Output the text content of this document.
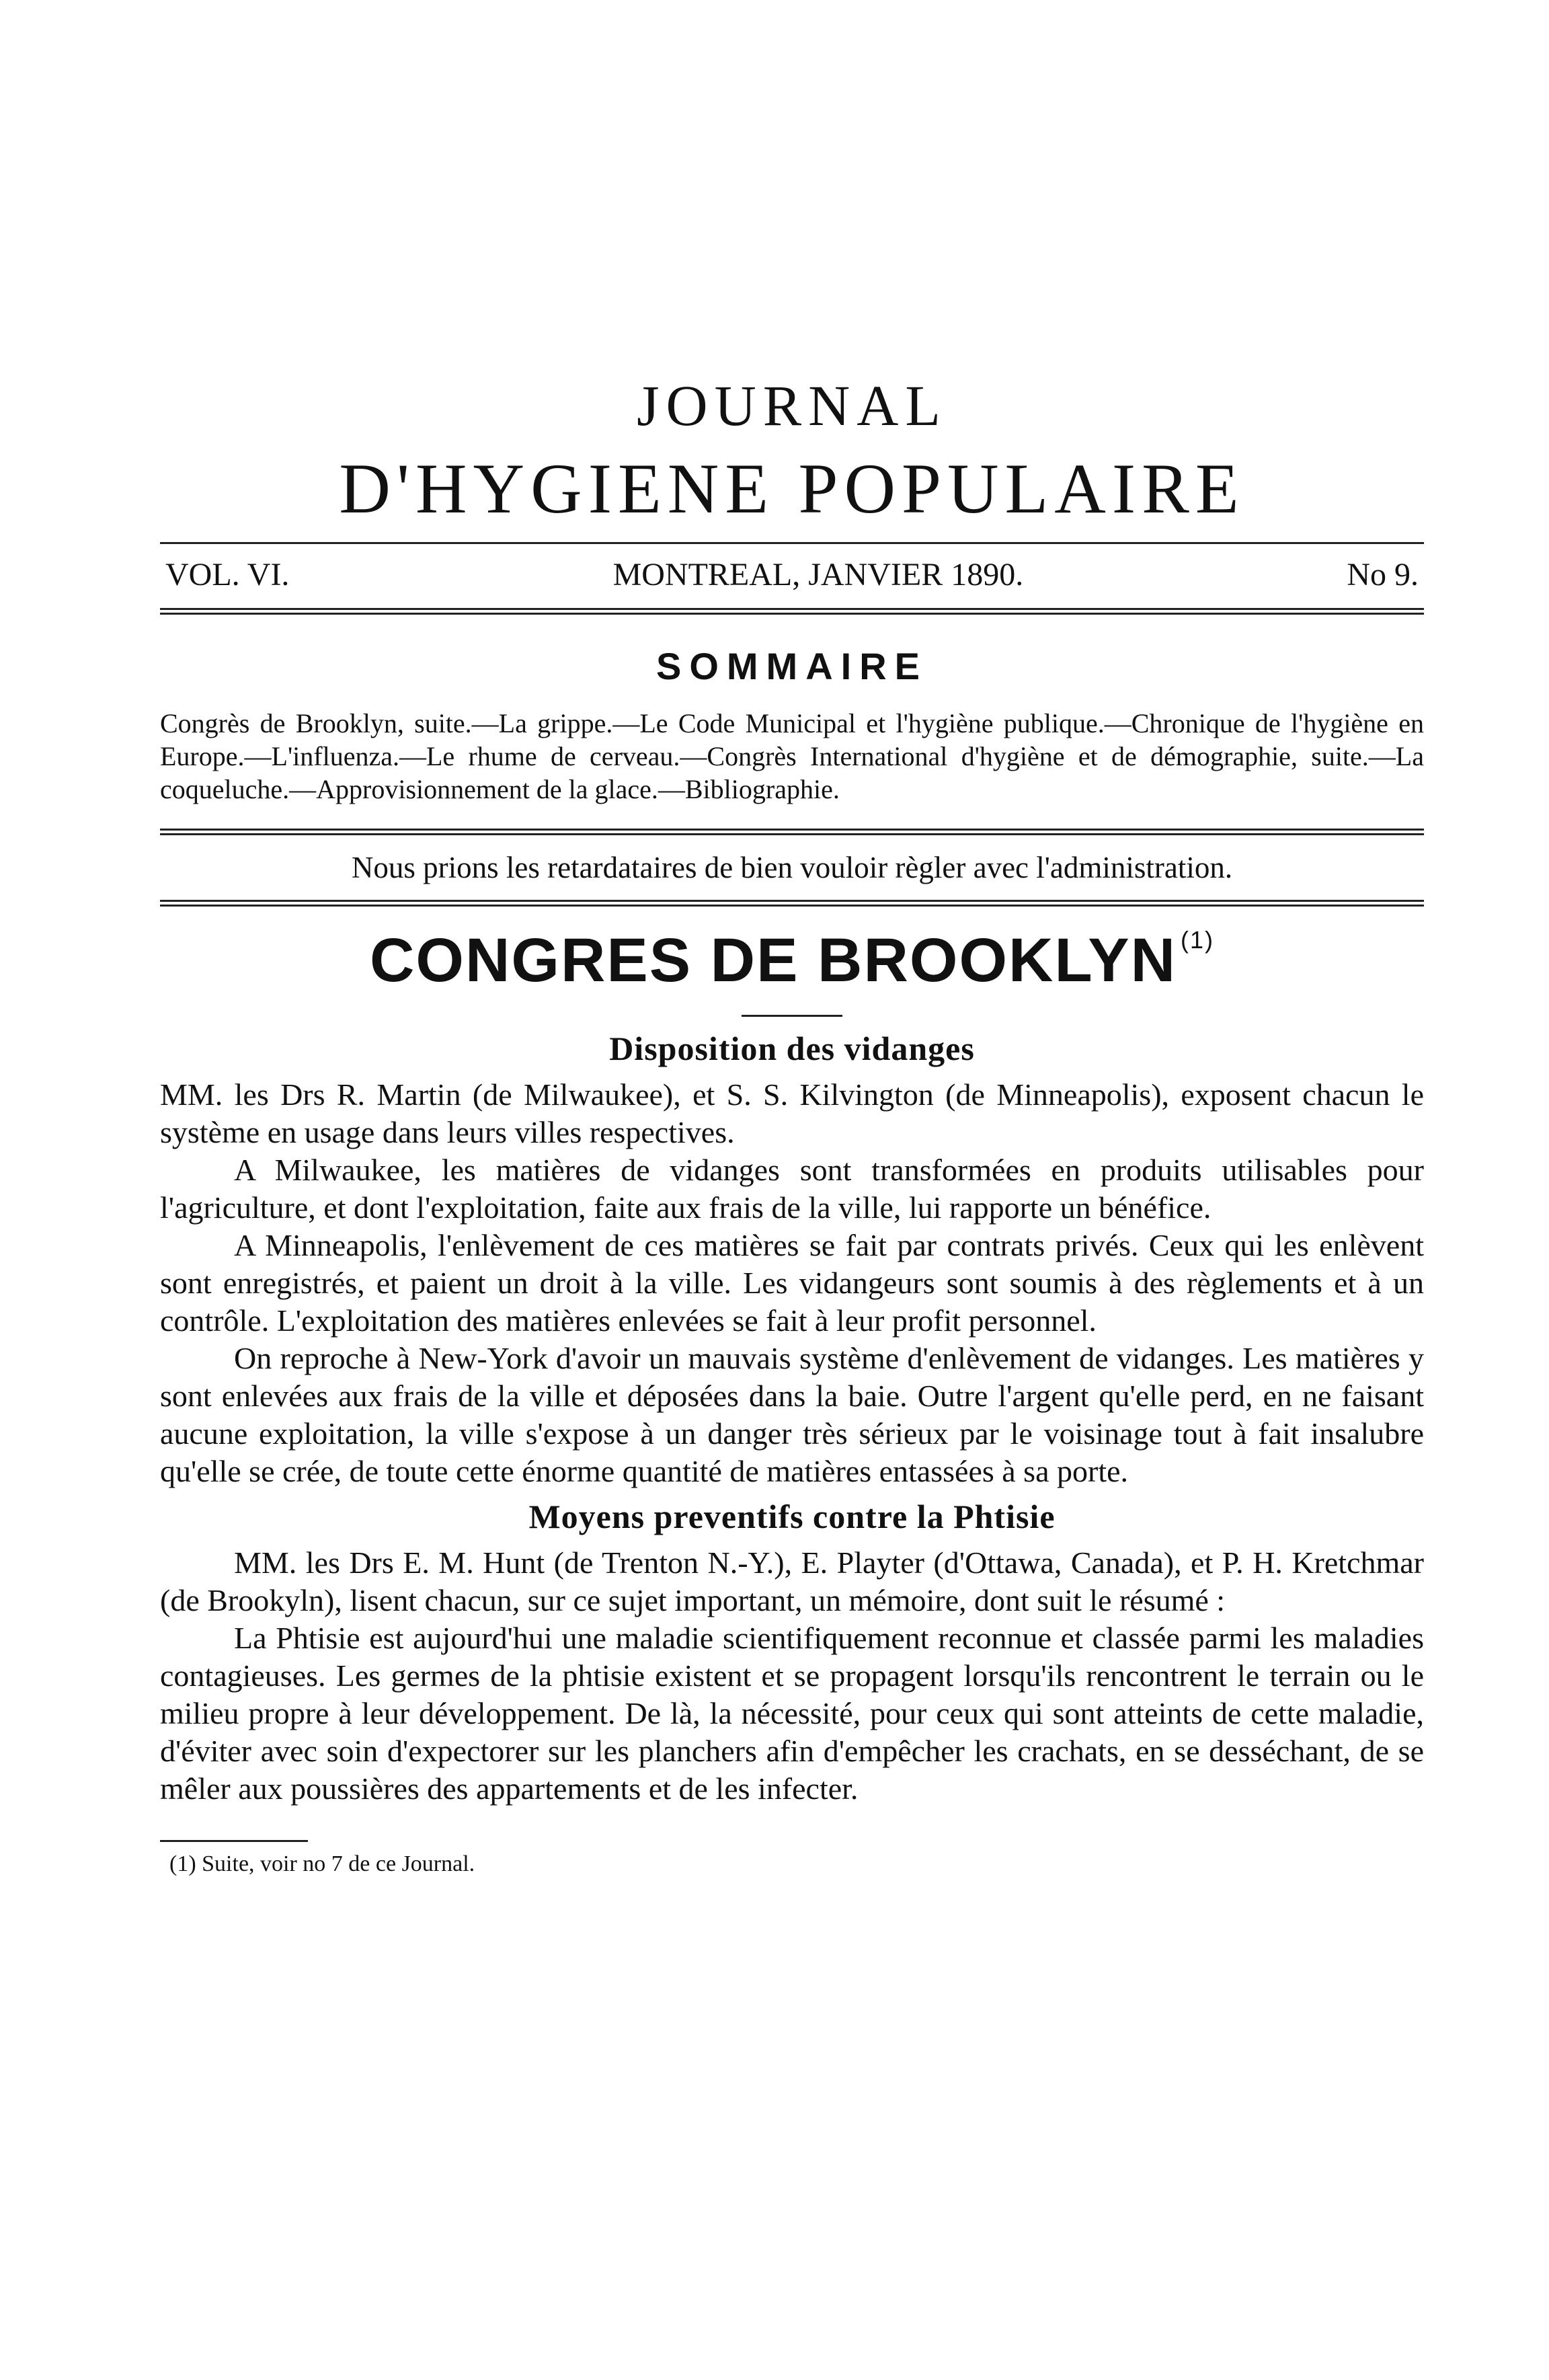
JOURNAL
D'HYGIENE POPULAIRE
VOL. VI.	MONTREAL, JANVIER 1890.	No 9.
SOMMAIRE

Congrès de Brooklyn, suite.—La grippe.—Le Code Municipal et l'hygiène publique.—Chronique de l'hygiène en Europe.—L'influenza.—Le rhume de cerveau.—Congrès International d'hygiène et de démographie, suite.—La coqueluche.—Approvisionnement de la glace.—Bibliographie.

Nous prions les retardataires de bien vouloir règler avec l'administration.
CONGRES DE BROOKLYN $^{(1)}$
Disposition des vidanges

MM. les Drs R. Martin (de Milwaukee), et S. S. Kilvington (de Minneapolis), exposent chacun le système en usage dans leurs villes respectives.

A Milwaukee, les matières de vidanges sont transformées en produits utilisables pour l'agriculture, et dont l'exploitation, faite aux frais de la ville, lui rapporte un bénéfice.

A Minneapolis, l'enlèvement de ces matières se fait par contrats privés. Ceux qui les enlèvent sont enregistrés, et paient un droit à la ville. Les vidangeurs sont soumis à des règlements et à un contrôle. L'exploitation des matières enlevées se fait à leur profit personnel.

On reproche à New-York d'avoir un mauvais système d'enlèvement de vidanges. Les matières y sont enlevées aux frais de la ville et déposées dans la baie. Outre l'argent qu'elle perd, en ne faisant aucune exploitation, la ville s'expose à un danger très sérieux par le voisinage tout à fait insalubre qu'elle se crée, de toute cette énorme quantité de matières entassées à sa porte.

Moyens preventifs contre la Phtisie

MM. les Drs E. M. Hunt (de Trenton N.-Y.), E. Playter (d'Ottawa, Canada), et P. H. Kretchmar (de Brookyln), lisent chacun, sur ce sujet important, un mémoire, dont suit le résumé :

La Phtisie est aujourd'hui une maladie scientifiquement reconnue et classée parmi les maladies contagieuses. Les germes de la phtisie existent et se propagent lorsqu'ils rencontrent le terrain ou le milieu propre à leur développement. De là, la nécessité, pour ceux qui sont atteints de cette maladie, d'éviter avec soin d'expectorer sur les planchers afin d'empêcher les crachats, en se desséchant, de se mêler aux poussières des appartements et de les infecter.

(1) Suite, voir no 7 de ce Journal.
